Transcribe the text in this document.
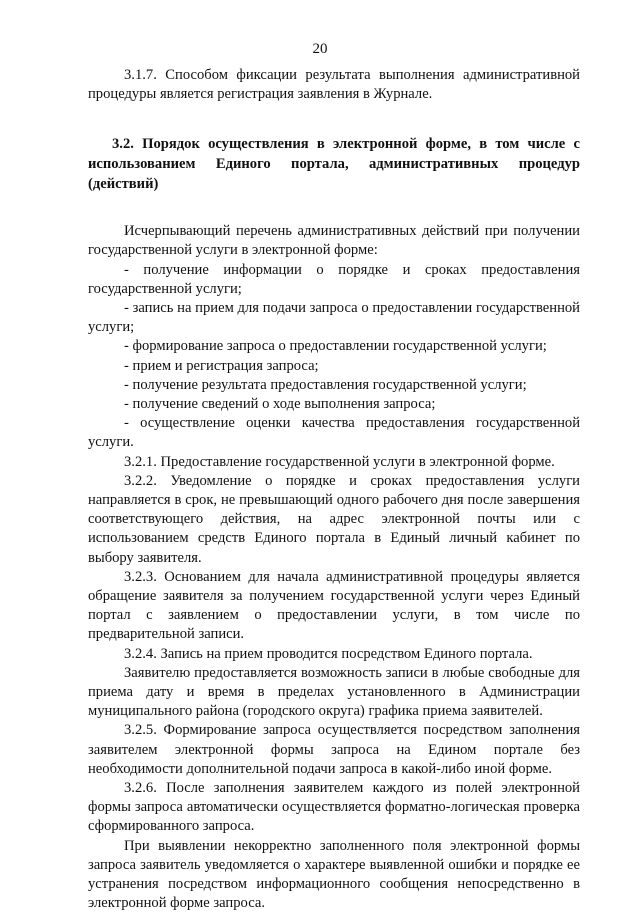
20

3.1.7. Способом фиксации результата выполнения административной процедуры является регистрация заявления в Журнале.

3.2. Порядок осуществления в электронной форме, в том числе с использованием Единого портала, административных процедур (действий)

Исчерпывающий перечень административных действий при получении государственной услуги в электронной форме:

- получение информации о порядке и сроках предоставления государственной услуги;

- запись на прием для подачи запроса о предоставлении государственной услуги;

- формирование запроса о предоставлении государственной услуги;

- прием и регистрация запроса;

- получение результата предоставления государственной услуги;

- получение сведений о ходе выполнения запроса;

- осуществление оценки качества предоставления государственной услуги.

3.2.1. Предоставление государственной услуги в электронной форме.

3.2.2. Уведомление о порядке и сроках предоставления услуги направляется в срок, не превышающий одного рабочего дня после завершения соответствующего действия, на адрес электронной почты или с использованием средств Единого портала в Единый личный кабинет по выбору заявителя.

3.2.3. Основанием для начала административной процедуры является обращение заявителя за получением государственной услуги через Единый портал с заявлением о предоставлении услуги, в том числе по предварительной записи.

3.2.4. Запись на прием проводится посредством Единого портала.

Заявителю предоставляется возможность записи в любые свободные для приема дату и время в пределах установленного в Администрации муниципального района (городского округа) графика приема заявителей.

3.2.5. Формирование запроса осуществляется посредством заполнения заявителем электронной формы запроса на Едином портале без необходимости дополнительной подачи запроса в какой-либо иной форме.

3.2.6. После заполнения заявителем каждого из полей электронной формы запроса автоматически осуществляется форматно-логическая проверка сформированного запроса.

При выявлении некорректно заполненного поля электронной формы запроса заявитель уведомляется о характере выявленной ошибки и порядке ее устранения посредством информационного сообщения непосредственно в электронной форме запроса.
